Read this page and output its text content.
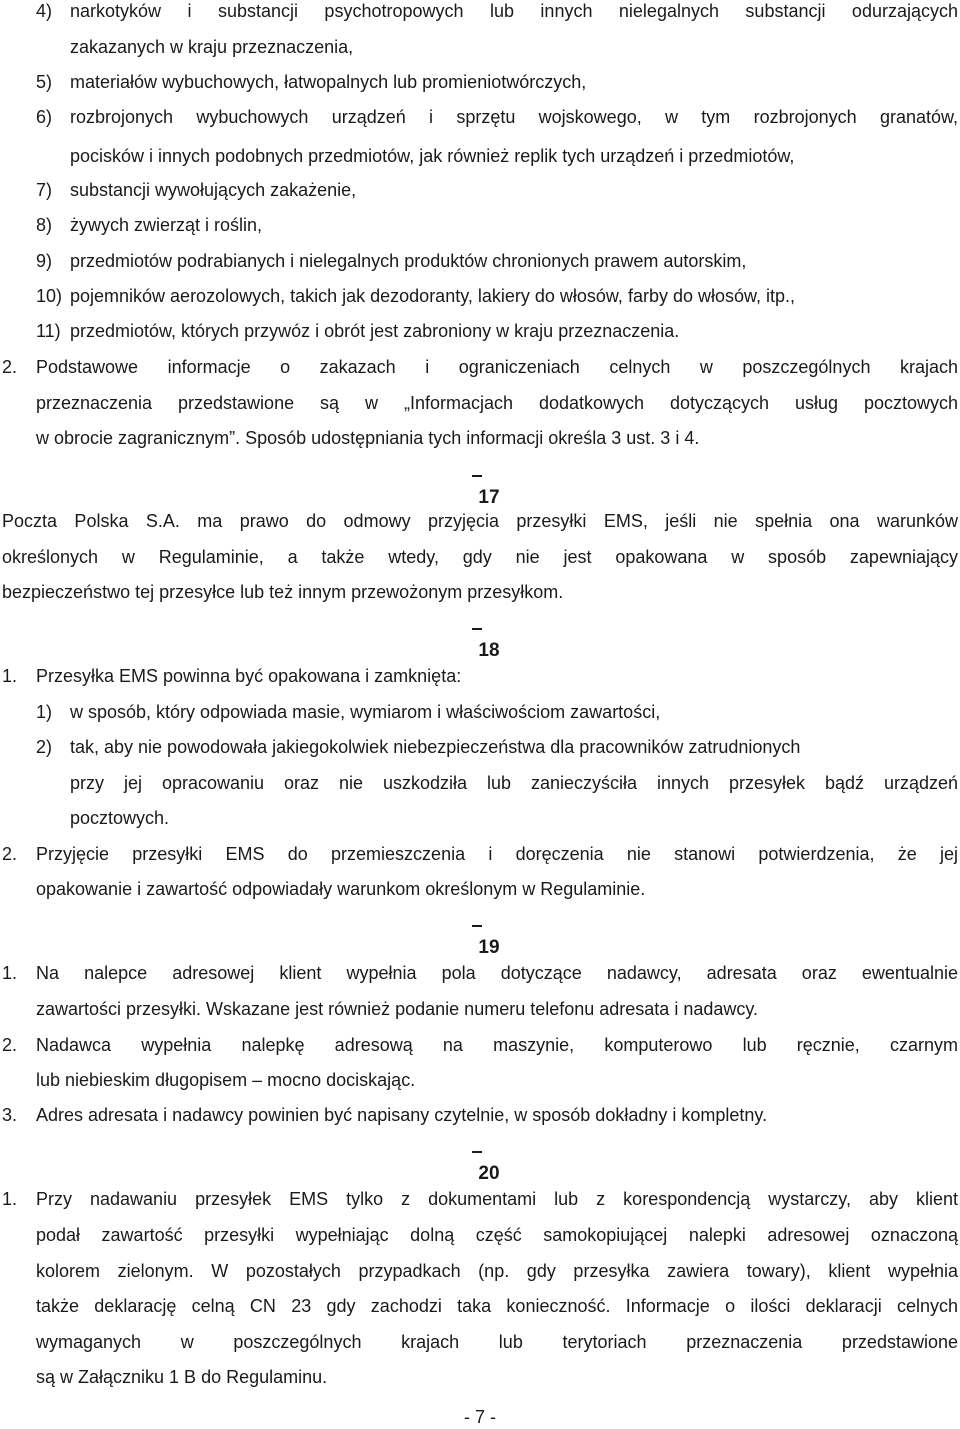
4) narkotyków i substancji psychotropowych lub innych nielegalnych substancji odurzających
zakazanych w kraju przeznaczenia,
5) materiałów wybuchowych, łatwopalnych lub promieniotwórczych,
6) rozbrojonych wybuchowych urządzeń i sprzętu wojskowego, w tym rozbrojonych granatów,
pocisków i innych podobnych przedmiotów, jak również replik tych urządzeń i przedmiotów,
7) substancji wywołujących zakażenie,
8) żywych zwierząt i roślin,
9) przedmiotów podrabianych i nielegalnych produktów chronionych prawem autorskim,
10) pojemników aerozolowych, takich jak dezodoranty, lakiery do włosów, farby do włosów, itp.,
11) przedmiotów, których przywóz i obrót jest zabroniony w kraju przeznaczenia.
2. Podstawowe informacje o zakazach i ograniczeniach celnych w poszczególnych krajach
przeznaczenia przedstawione są w „Informacjach dodatkowych dotyczących usług pocztowych
w obrocie zagranicznym”. Sposób udostępniania tych informacji określa 3 ust. 3 i 4.
17
Poczta Polska S.A. ma prawo do odmowy przyjęcia przesyłki EMS, jeśli nie spełnia ona warunków
określonych w Regulaminie, a także wtedy, gdy nie jest opakowana w sposób zapewniający
bezpieczeństwo tej przesyłce lub też innym przewożonym przesyłkom.
18
1. Przesyłka EMS powinna być opakowana i zamknięta:
1) w sposób, który odpowiada masie, wymiarom i właściwościom zawartości,
2) tak, aby nie powodowała jakiegokolwiek niebezpieczeństwa dla pracowników zatrudnionych
przy jej opracowaniu oraz nie uszkodziła lub zanieczyściła innych przesyłek bądź urządzeń
pocztowych.
2. Przyjęcie przesyłki EMS do przemieszczenia i doręczenia nie stanowi potwierdzenia, że jej
opakowanie i zawartość odpowiadały warunkom określonym w Regulaminie.
19
1. Na nalepce adresowej klient wypełnia pola dotyczące nadawcy, adresata oraz ewentualnie
zawartości przesyłki. Wskazane jest również podanie numeru telefonu adresata i nadawcy.
2. Nadawca wypełnia nalepkę adresową na maszynie, komputerowo lub ręcznie, czarnym
lub niebieskim długopisem – mocno dociskając.
3. Adres adresata i nadawcy powinien być napisany czytelnie, w sposób dokładny i kompletny.
20
1. Przy nadawaniu przesyłek EMS tylko z dokumentami lub z korespondencją wystarczy, aby klient
podał zawartość przesyłki wypełniając dolną część samokopiującej nalepki adresowej oznaczoną
kolorem zielonym. W pozostałych przypadkach (np. gdy przesyłka zawiera towary), klient wypełnia
także deklarację celną CN 23 gdy zachodzi taka konieczność. Informacje o ilości deklaracji celnych
wymaganych w poszczególnych krajach lub terytoriach przeznaczenia przedstawione
są w Załączniku 1 B do Regulaminu.
- 7 -
